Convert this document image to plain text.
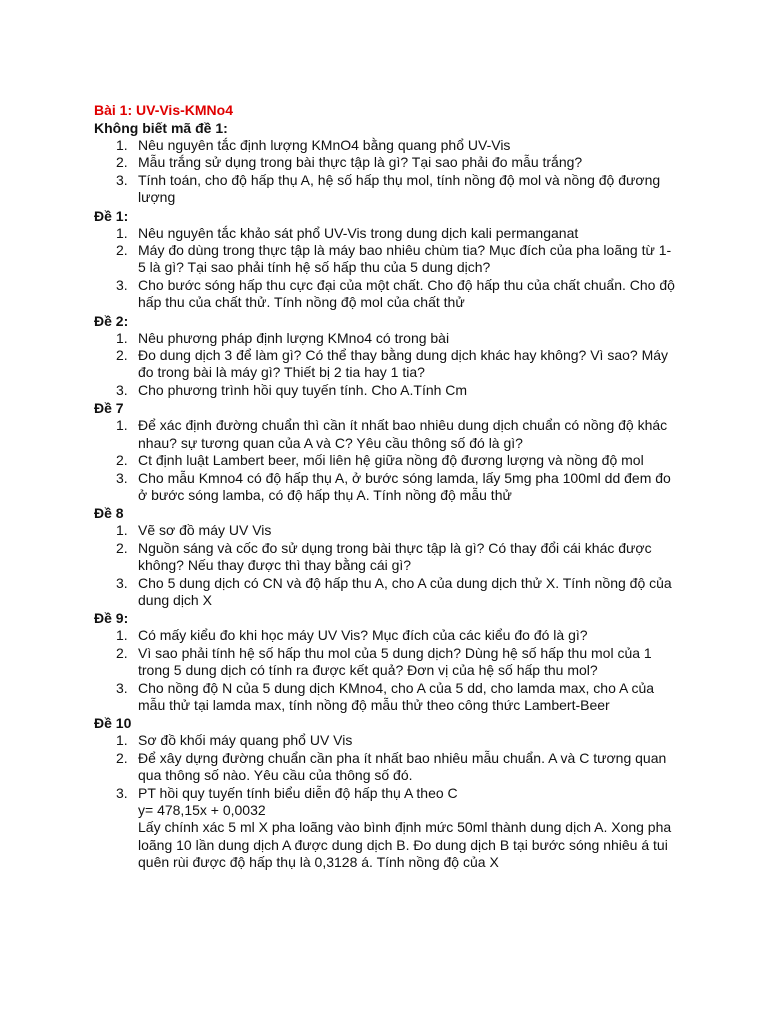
Bài 1: UV-Vis-KMNo4
Không biết mã đề 1:
1. Nêu nguyên tắc định lượng KMnO4 bằng quang phổ UV-Vis
2. Mẫu trắng sử dụng trong bài thực tập là gì? Tại sao phải đo mẫu trắng?
3. Tính toán, cho độ hấp thụ A, hệ số hấp thụ mol, tính nồng độ mol và nồng độ đương lượng
Đề 1:
1. Nêu nguyên tắc khảo sát phổ UV-Vis trong dung dịch kali permanganat
2. Máy đo dùng trong thực tập là máy bao nhiêu chùm tia? Mục đích của pha loãng từ 1-5 là gì? Tại sao phải tính hệ số hấp thu của 5 dung dịch?
3. Cho bước sóng hấp thu cực đại của một chất. Cho độ hấp thu của chất chuẩn. Cho độ hấp thu của chất thử. Tính nồng độ mol của chất thử
Đề 2:
1. Nêu phương pháp định lượng KMno4 có trong bài
2. Đo dung dịch 3 để làm gì? Có thể thay bằng dung dịch khác hay không? Vì sao? Máy đo trong bài là máy gì? Thiết bị 2 tia hay 1 tia?
3. Cho phương trình hồi quy tuyến tính. Cho A.Tính Cm
Đề 7
1. Để xác định đường chuẩn thì cần ít nhất bao nhiêu dung dịch chuẩn có nồng độ khác nhau? sự tương quan của A và C? Yêu cầu thông số đó là gì?
2. Ct định luật Lambert beer, mối liên hệ giữa nồng độ đương lượng và nồng độ mol
3. Cho mẫu Kmno4 có độ hấp thụ A, ở bước sóng lamda, lấy 5mg pha 100ml dd đem đo ở bước sóng lamba, có độ hấp thụ A. Tính nồng độ mẫu thử
Đề 8
1. Vẽ sơ đồ máy UV Vis
2. Nguồn sáng và cốc đo sử dụng trong bài thực tập là gì? Có thay đổi cái khác được không? Nếu thay được thì thay bằng cái gì?
3. Cho 5 dung dịch có CN và độ hấp thu A, cho A của dung dịch thử X. Tính nồng độ của dung dịch X
Đề 9:
1. Có mấy kiểu đo khi học máy UV Vis? Mục đích của các kiểu đo đó là gì?
2. Vì sao phải tính hệ số hấp thu mol của 5 dung dịch? Dùng hệ số hấp thu mol của 1 trong 5 dung dịch có tính ra được kết quả? Đơn vị của hệ số hấp thu mol?
3. Cho nồng độ N của 5 dung dịch KMno4, cho A của 5 dd, cho lamda max, cho A của mẫu thử tại lamda max, tính nồng độ mẫu thử theo công thức Lambert-Beer
Đề 10
1. Sơ đồ khối máy quang phổ UV Vis
2. Để xây dựng đường chuẩn cần pha ít nhất bao nhiêu mẫu chuẩn. A và C tương quan qua thông số nào. Yêu cầu của thông số đó.
3. PT hồi quy tuyến tính biểu diễn độ hấp thụ A theo C
y= 478,15x + 0,0032
Lấy chính xác 5 ml X pha loãng vào bình định mức 50ml thành dung dịch A. Xong pha loãng 10 lần dung dịch A được dung dịch B. Đo dung dịch B tại bước sóng nhiêu á tui quên rùi được độ hấp thụ là 0,3128 á. Tính nồng độ của X
